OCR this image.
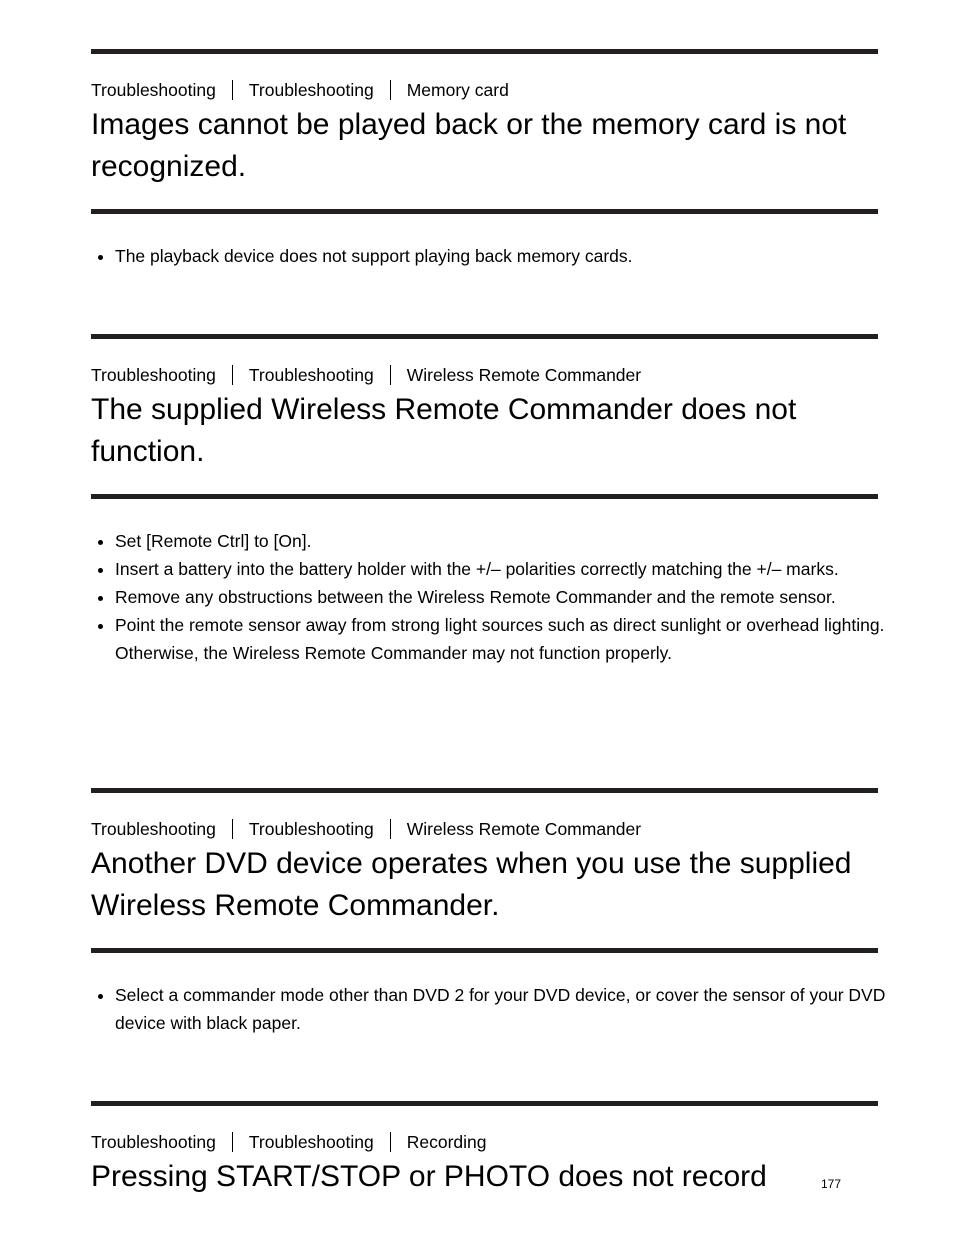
Troubleshooting Troubleshooting Memory card
Images cannot be played back or the memory card is not recognized.
• The playback device does not support playing back memory cards.
Troubleshooting Troubleshooting Wireless Remote Commander
The supplied Wireless Remote Commander does not function.
• Set [Remote Ctrl] to [On].
• Insert a battery into the battery holder with the +/– polarities correctly matching the +/– marks.
• Remove any obstructions between the Wireless Remote Commander and the remote sensor.
• Point the remote sensor away from strong light sources such as direct sunlight or overhead lighting. Otherwise, the Wireless Remote Commander may not function properly.
Troubleshooting Troubleshooting Wireless Remote Commander
Another DVD device operates when you use the supplied Wireless Remote Commander.
• Select a commander mode other than DVD 2 for your DVD device, or cover the sensor of your DVD device with black paper.
Troubleshooting Troubleshooting Recording
Pressing START/STOP or PHOTO does not record	177
